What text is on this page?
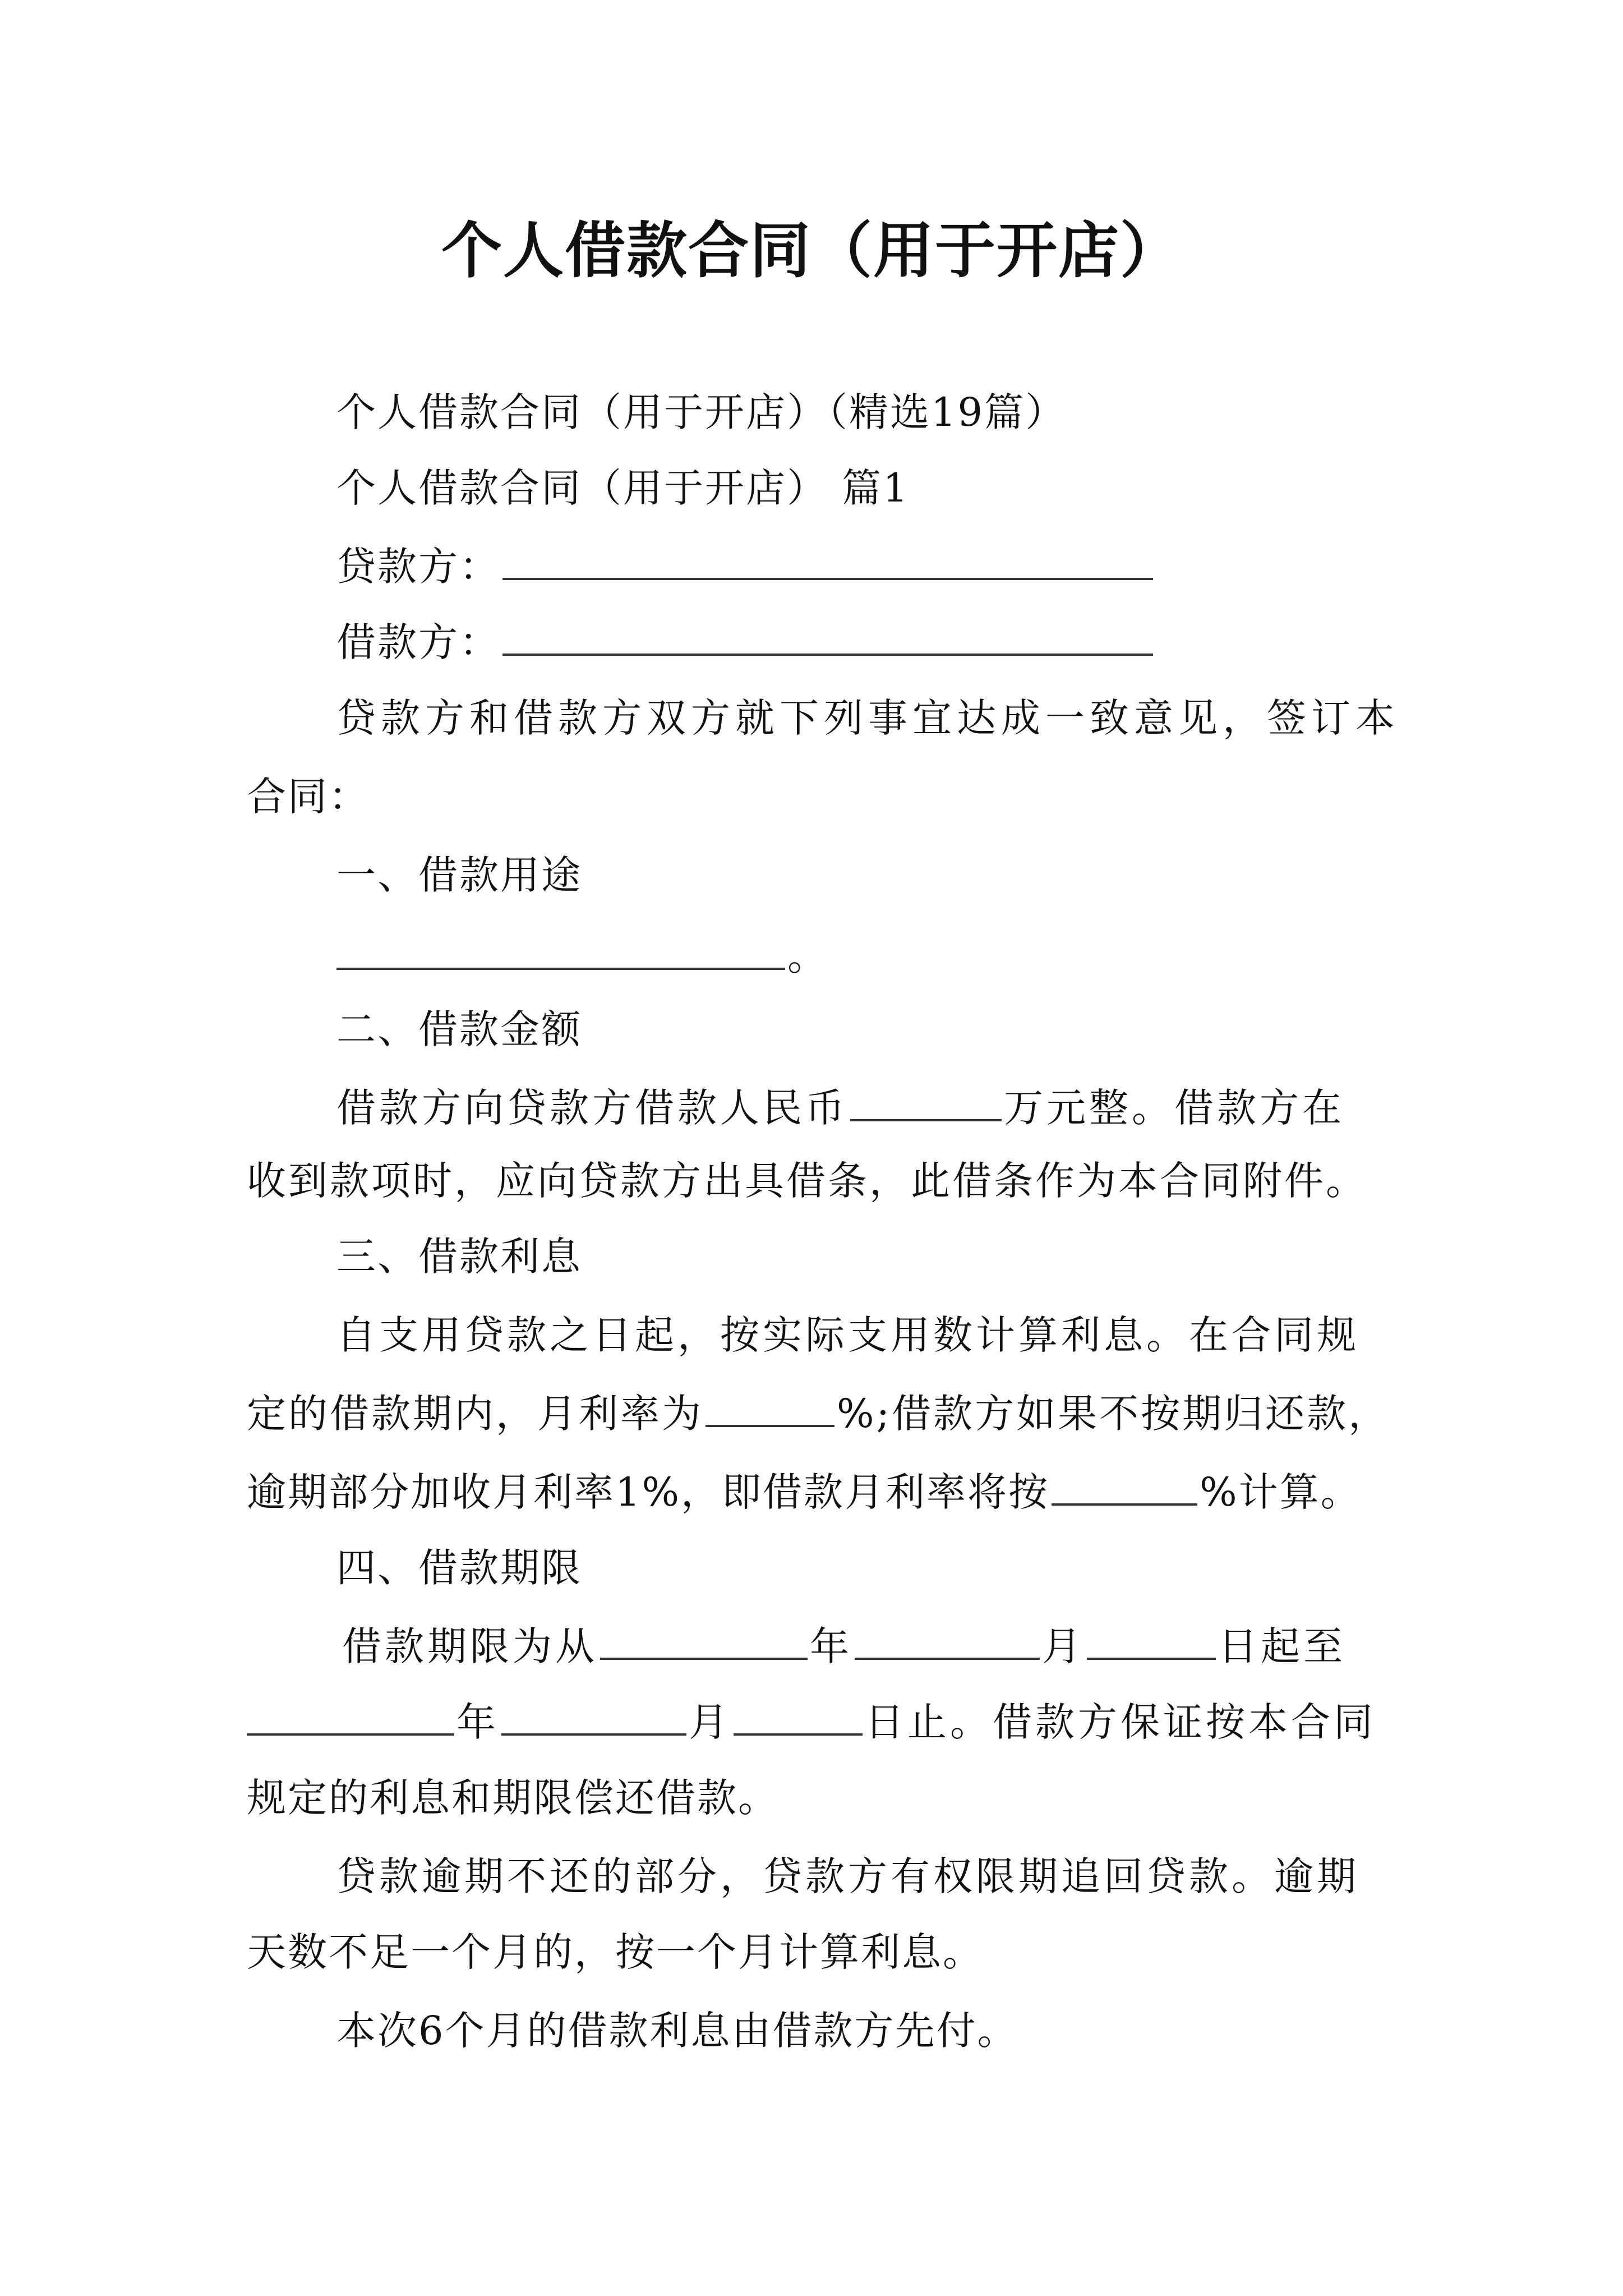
个人借款合同（用于开店）
个人借款合同（用于开店）（精选19篇）
个人借款合同（用于开店） 篇1
贷款方：
借款方：
贷款方和借款方双方就下列事宜达成一致意见，签订本
合同：
一、借款用途
。
二、借款金额
借款方向贷款方借款人民币	万元整。借款方在
收到款项时，应向贷款方出具借条，此借条作为本合同附件。
三、借款利息
自支用贷款之日起，按实际支用数计算利息。在合同规
定的借款期内，月利率为	%;借款方如果不按期归还款，
逾期部分加收月利率1%，即借款月利率将按	%计算。
四、借款期限
借款期限为从	年	月	日起至
年	月	日止。借款方保证按本合同
规定的利息和期限偿还借款。
贷款逾期不还的部分，贷款方有权限期追回贷款。逾期
天数不足一个月的，按一个月计算利息。
本次6个月的借款利息由借款方先付。
